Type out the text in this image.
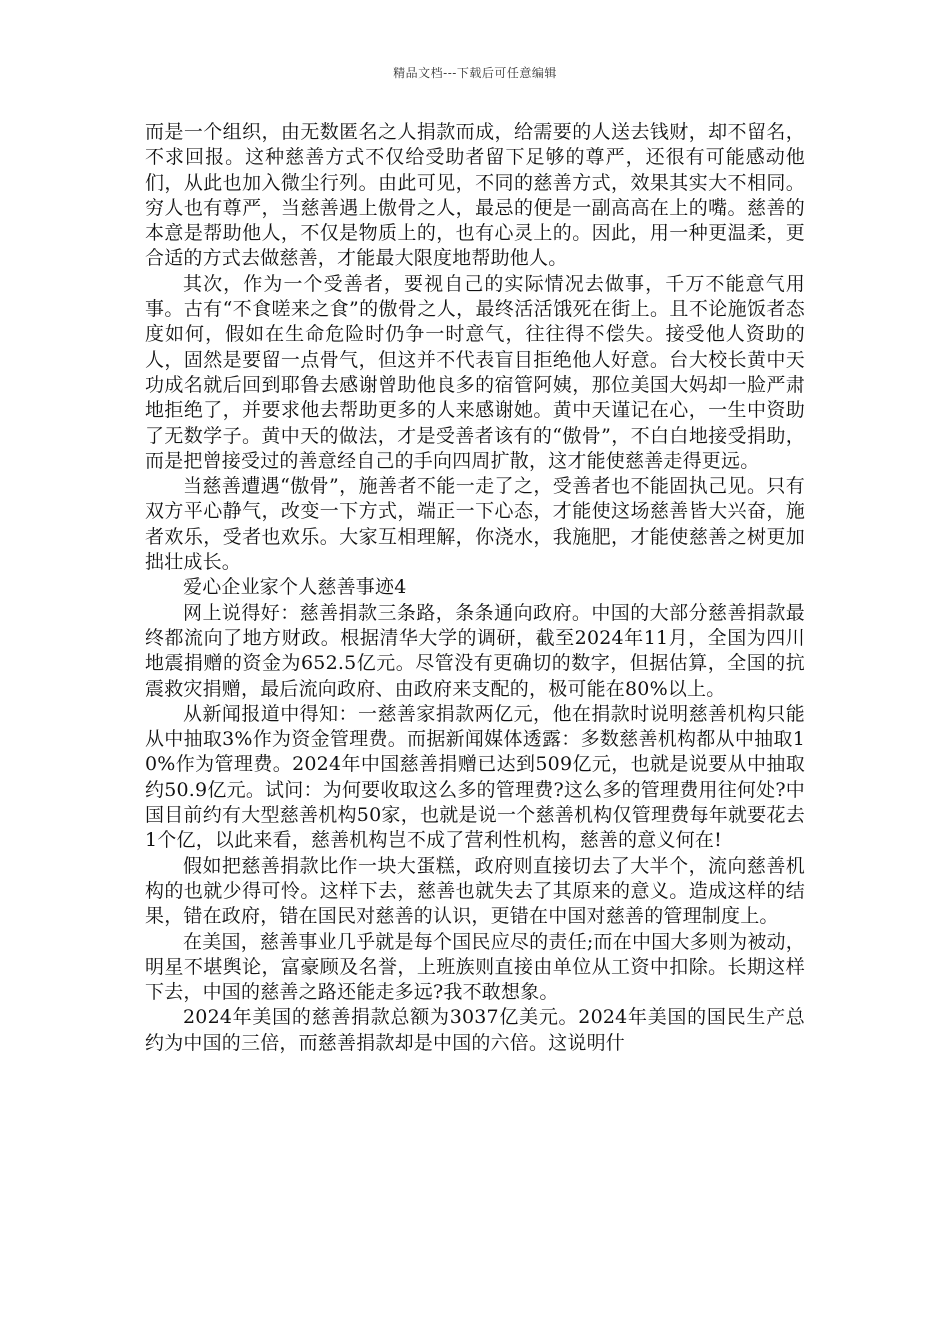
精品文档---下载后可任意编辑

而是一个组织，由无数匿名之人捐款而成，给需要的人送去钱财，却不留名，不求回报。这种慈善方式不仅给受助者留下足够的尊严，还很有可能感动他们，从此也加入微尘行列。由此可见，不同的慈善方式，效果其实大不相同。穷人也有尊严，当慈善遇上傲骨之人，最忌的便是一副高高在上的嘴。慈善的本意是帮助他人，不仅是物质上的，也有心灵上的。因此，用一种更温柔，更合适的方式去做慈善，才能最大限度地帮助他人。

其次，作为一个受善者，要视自己的实际情况去做事，千万不能意气用事。古有“不食嗟来之食”的傲骨之人，最终活活饿死在街上。且不论施饭者态度如何，假如在生命危险时仍争一时意气，往往得不偿失。接受他人资助的人，固然是要留一点骨气，但这并不代表盲目拒绝他人好意。台大校长黄中天功成名就后回到耶鲁去感谢曾助他良多的宿管阿姨，那位美国大妈却一脸严肃地拒绝了，并要求他去帮助更多的人来感谢她。黄中天谨记在心，一生中资助了无数学子。黄中天的做法，才是受善者该有的“傲骨”，不白白地接受捐助，而是把曾接受过的善意经自己的手向四周扩散，这才能使慈善走得更远。

当慈善遭遇“傲骨”，施善者不能一走了之，受善者也不能固执己见。只有双方平心静气，改变一下方式，端正一下心态，才能使这场慈善皆大兴奋，施者欢乐，受者也欢乐。大家互相理解，你浇水，我施肥，才能使慈善之树更加拙壮成长。

爱心企业家个人慈善事迹4

网上说得好：慈善捐款三条路，条条通向政府。中国的大部分慈善捐款最终都流向了地方财政。根据清华大学的调研，截至2024年11月，全国为四川地震捐赠的资金为652.5亿元。尽管没有更确切的数字，但据估算，全国的抗震救灾捐赠，最后流向政府、由政府来支配的，极可能在80%以上。

从新闻报道中得知：一慈善家捐款两亿元，他在捐款时说明慈善机构只能从中抽取3%作为资金管理费。而据新闻媒体透露：多数慈善机构都从中抽取10%作为管理费。2024年中国慈善捐赠已达到509亿元，也就是说要从中抽取约50.9亿元。试问：为何要收取这么多的管理费?这么多的管理费用往何处?中国目前约有大型慈善机构50家，也就是说一个慈善机构仅管理费每年就要花去1个亿，以此来看，慈善机构岂不成了营利性机构，慈善的意义何在!

假如把慈善捐款比作一块大蛋糕，政府则直接切去了大半个，流向慈善机构的也就少得可怜。这样下去，慈善也就失去了其原来的意义。造成这样的结果，错在政府，错在国民对慈善的认识，更错在中国对慈善的管理制度上。

在美国，慈善事业几乎就是每个国民应尽的责任;而在中国大多则为被动，明星不堪舆论，富豪顾及名誉，上班族则直接由单位从工资中扣除。长期这样下去，中国的慈善之路还能走多远?我不敢想象。

2024年美国的慈善捐款总额为3037亿美元。2024年美国的国民生产总约为中国的三倍，而慈善捐款却是中国的六倍。这说明什
